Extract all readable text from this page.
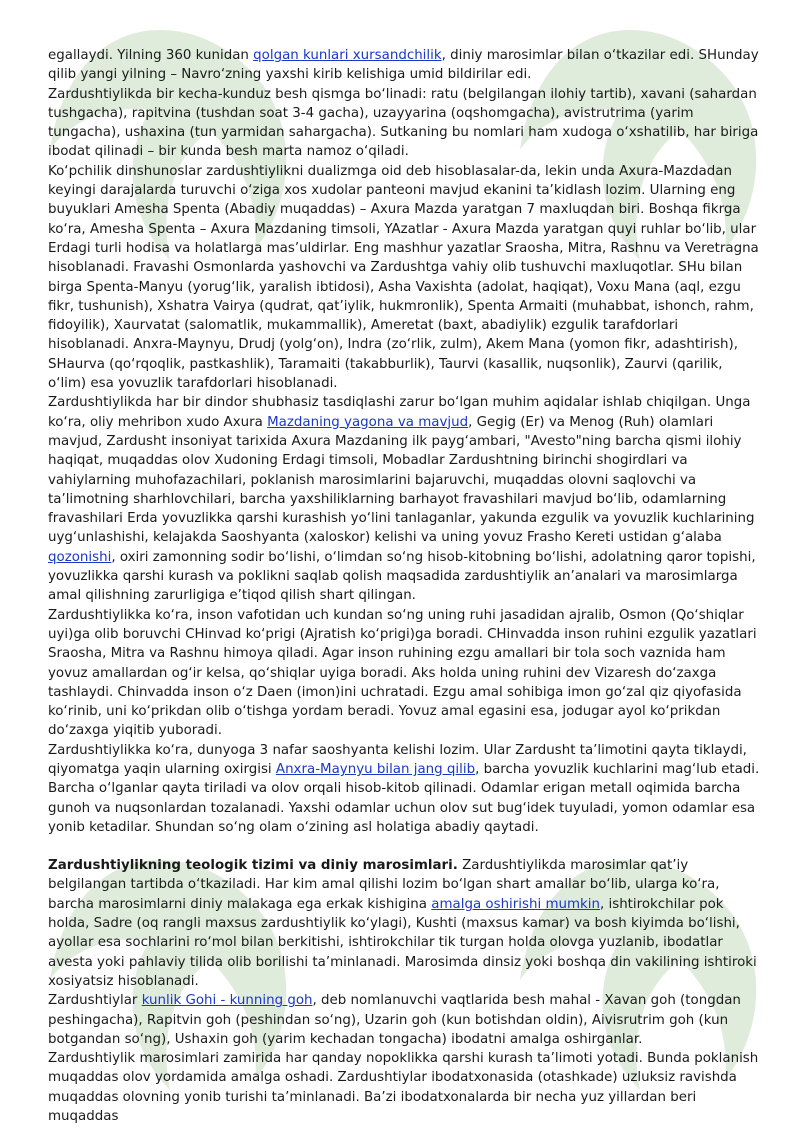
egallaydi. Yilning 360 kunidan qolgan kunlari xursandchilik, diniy marosimlar bilan o‘tkazilar edi. SHunday qilib yangi yilning – Navro‘zning yaxshi kirib kelishiga umid bildirilar edi.

Zardushtiylikda bir kecha-kunduz besh qismga bo‘linadi: ratu (belgilangan ilohiy tartib), xavani (sahardan tushgacha), rapitvina (tushdan soat 3-4 gacha), uzayyarina (oqshomgacha), avistrutrima (yarim tungacha), ushaxina (tun yarmidan sahargacha). Sutkaning bu nomlari ham xudoga o‘xshatilib, har biriga ibodat qilinadi – bir kunda besh marta namoz o‘qiladi.

Ko‘pchilik dinshunoslar zardushtiylikni dualizmga oid deb hisoblasalar-da, lekin unda Axura-Mazdadan keyingi darajalarda turuvchi o‘ziga xos xudolar panteoni mavjud ekanini ta’kidlash lozim. Ularning eng buyuklari Amesha Spenta (Abadiy muqaddas) – Axura Mazda yaratgan 7 maxluqdan biri. Boshqa fikrga ko‘ra, Amesha Spenta – Axura Mazdaning timsoli, YAzatlar - Axura Mazda yaratgan quyi ruhlar bo‘lib, ular Erdagi turli hodisa va holatlarga mas’uldirlar. Eng mashhur yazatlar Sraosha, Mitra, Rashnu va Veretragna hisoblanadi. Fravashi Osmonlarda yashovchi va Zardushtga vahiy olib tushuvchi maxluqotlar. SHu bilan birga Spenta-Manyu (yorug‘lik, yaralish ibtidosi), Asha Vaxishta (adolat, haqiqat), Voxu Mana (aql, ezgu fikr, tushunish), Xshatra Vairya (qudrat, qat’iylik, hukmronlik), Spenta Armaiti (muhabbat, ishonch, rahm, fidoyilik), Xaurvatat (salomatlik, mukammallik), Ameretat (baxt, abadiylik) ezgulik tarafdorlari hisoblanadi. Anxra-Maynyu, Drudj (yolg‘on), Indra (zo‘rlik, zulm), Akem Mana (yomon fikr, adashtirish), SHaurva (qo‘rqoqlik, pastkashlik), Taramaiti (takabburlik), Taurvi (kasallik, nuqsonlik), Zaurvi (qarilik, o‘lim) esa yovuzlik tarafdorlari hisoblanadi.

Zardushtiylikda har bir dindor shubhasiz tasdiqlashi zarur bo‘lgan muhim aqidalar ishlab chiqilgan. Unga ko‘ra, oliy mehribon xudo Axura Mazdaning yagona va mavjud, Gegig (Er) va Menog (Ruh) olamlari mavjud, Zardusht insoniyat tarixida Axura Mazdaning ilk payg‘ambari, "Avesto"ning barcha qismi ilohiy haqiqat, muqaddas olov Xudoning Erdagi timsoli, Mobadlar Zardushtning birinchi shogirdlari va vahiylarning muhofazachilari, poklanish marosimlarini bajaruvchi, muqaddas olovni saqlovchi va ta’limotning sharhlovchilari, barcha yaxshiliklarning barhayot fravashilari mavjud bo‘lib, odamlarning fravashilari Erda yovuzlikka qarshi kurashish yo‘lini tanlaganlar, yakunda ezgulik va yovuzlik kuchlarining uyg‘unlashishi, kelajakda Saoshyanta (xaloskor) kelishi va uning yovuz Frasho Kereti ustidan g‘alaba qozonishi, oxiri zamonning sodir bo‘lishi, o‘limdan so‘ng hisob-kitobning bo‘lishi, adolatning qaror topishi, yovuzlikka qarshi kurash va poklikni saqlab qolish maqsadida zardushtiylik an’analari va marosimlarga amal qilishning zarurligiga e’tiqod qilish shart qilingan.

Zardushtiylikka ko‘ra, inson vafotidan uch kundan so‘ng uning ruhi jasadidan ajralib, Osmon (Qo‘shiqlar uyi)ga olib boruvchi CHinvad ko‘prigi (Ajratish ko‘prigi)ga boradi. CHinvadda inson ruhini ezgulik yazatlari Sraosha, Mitra va Rashnu himoya qiladi. Agar inson ruhining ezgu amallari bir tola soch vaznida ham yovuz amallardan og‘ir kelsa, qo‘shiqlar uyiga boradi. Aks holda uning ruhini dev Vizaresh do‘zaxga tashlaydi. Chinvadda inson o‘z Daen (imon)ini uchratadi. Ezgu amal sohibiga imon go‘zal qiz qiyofasida ko‘rinib, uni ko‘prikdan olib o‘tishga yordam beradi. Yovuz amal egasini esa, jodugar ayol ko‘prikdan do‘zaxga yiqitib yuboradi.

Zardushtiylikka ko‘ra, dunyoga 3 nafar saoshyanta kelishi lozim. Ular Zardusht ta’limotini qayta tiklaydi, qiyomatga yaqin ularning oxirgisi Anxra-Maynyu bilan jang qilib, barcha yovuzlik kuchlarini mag‘lub etadi. Barcha o‘lganlar qayta tiriladi va olov orqali hisob-kitob qilinadi. Odamlar erigan metall oqimida barcha gunoh va nuqsonlardan tozalanadi. Yaxshi odamlar uchun olov sut bug‘idek tuyuladi, yomon odamlar esa yonib ketadilar. Shundan so‘ng olam o‘zining asl holatiga abadiy qaytadi.

Zardushtiylikning teologik tizimi va diniy marosimlari. Zardushtiylikda marosimlar qat’iy belgilangan tartibda o‘tkaziladi. Har kim amal qilishi lozim bo‘lgan shart amallar bo‘lib, ularga ko‘ra, barcha marosimlarni diniy malakaga ega erkak kishigina amalga oshirishi mumkin, ishtirokchilar pok holda, Sadre (oq rangli maxsus zardushtiylik ko‘ylagi), Kushti (maxsus kamar) va bosh kiyimda bo‘lishi, ayollar esa sochlarini ro‘mol bilan berkitishi, ishtirokchilar tik turgan holda olovga yuzlanib, ibodatlar avesta yoki pahlaviy tilida olib borilishi ta’minlanadi. Marosimda dinsiz yoki boshqa din vakilining ishtiroki xosiyatsiz hisoblanadi.

Zardushtiylar kunlik Gohi - kunning goh, deb nomlanuvchi vaqtlarida besh mahal - Xavan goh (tongdan peshingacha), Rapitvin goh (peshindan so‘ng), Uzarin goh (kun botishdan oldin), Aivisrutrim goh (kun botgandan so‘ng), Ushaxin goh (yarim kechadan tongacha) ibodatni amalga oshirganlar.

Zardushtiylik marosimlari zamirida har qanday nopoklikka qarshi kurash ta’limoti yotadi. Bunda poklanish muqaddas olov yordamida amalga oshadi. Zardushtiylar ibodatxonasida (otashkade) uzluksiz ravishda muqaddas olovning yonib turishi ta’minlanadi. Ba’zi ibodatxonalarda bir necha yuz yillardan beri muqaddas
